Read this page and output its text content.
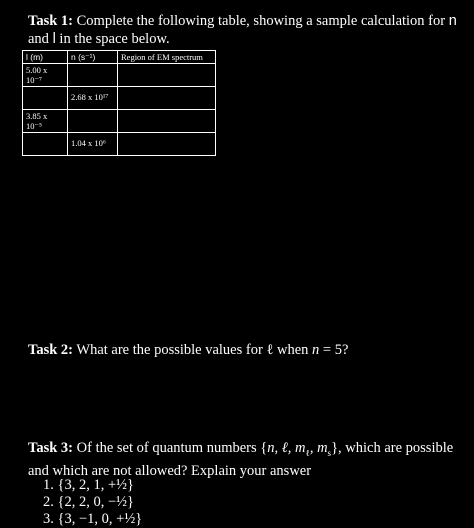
Task 1: Complete the following table, showing a sample calculation for n
and l in the space below.
l (m)	n (s⁻¹)	Region of EM spectrum
5.00 x 10⁻⁷		
	2.68 x 10¹⁷	
3.85 x 10⁻⁵		
	1.04 x 10⁶	
Task 2: What are the possible values for ℓ when n = 5?
Task 3: Of the set of quantum numbers {n, ℓ, $m_\ell$, $m_s$}, which are possible and which are not allowed? Explain your answer
1. {3, 2, 1, +½}
2. {2, 2, 0, −½}
3. {3, −1, 0, +½}
